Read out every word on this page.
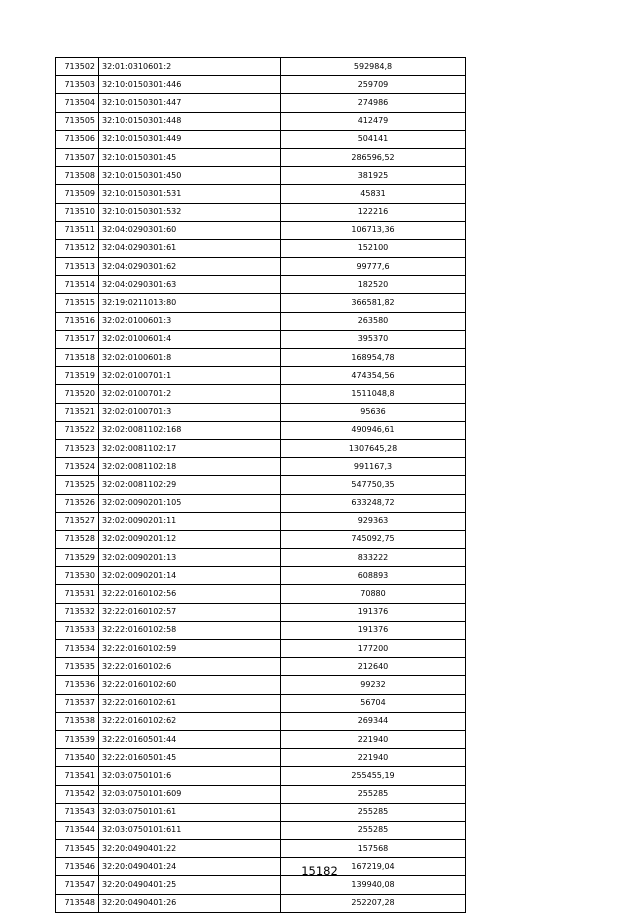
713502	32:01:0310601:2	592984,8
713503	32:10:0150301:446	259709
713504	32:10:0150301:447	274986
713505	32:10:0150301:448	412479
713506	32:10:0150301:449	504141
713507	32:10:0150301:45	286596,52
713508	32:10:0150301:450	381925
713509	32:10:0150301:531	45831
713510	32:10:0150301:532	122216
713511	32:04:0290301:60	106713,36
713512	32:04:0290301:61	152100
713513	32:04:0290301:62	99777,6
713514	32:04:0290301:63	182520
713515	32:19:0211013:80	366581,82
713516	32:02:0100601:3	263580
713517	32:02:0100601:4	395370
713518	32:02:0100601:8	168954,78
713519	32:02:0100701:1	474354,56
713520	32:02:0100701:2	1511048,8
713521	32:02:0100701:3	95636
713522	32:02:0081102:168	490946,61
713523	32:02:0081102:17	1307645,28
713524	32:02:0081102:18	991167,3
713525	32:02:0081102:29	547750,35
713526	32:02:0090201:105	633248,72
713527	32:02:0090201:11	929363
713528	32:02:0090201:12	745092,75
713529	32:02:0090201:13	833222
713530	32:02:0090201:14	608893
713531	32:22:0160102:56	70880
713532	32:22:0160102:57	191376
713533	32:22:0160102:58	191376
713534	32:22:0160102:59	177200
713535	32:22:0160102:6	212640
713536	32:22:0160102:60	99232
713537	32:22:0160102:61	56704
713538	32:22:0160102:62	269344
713539	32:22:0160501:44	221940
713540	32:22:0160501:45	221940
713541	32:03:0750101:6	255455,19
713542	32:03:0750101:609	255285
713543	32:03:0750101:61	255285
713544	32:03:0750101:611	255285
713545	32:20:0490401:22	157568
713546	32:20:0490401:24	167219,04
713547	32:20:0490401:25	139940,08
713548	32:20:0490401:26	252207,28
15182
